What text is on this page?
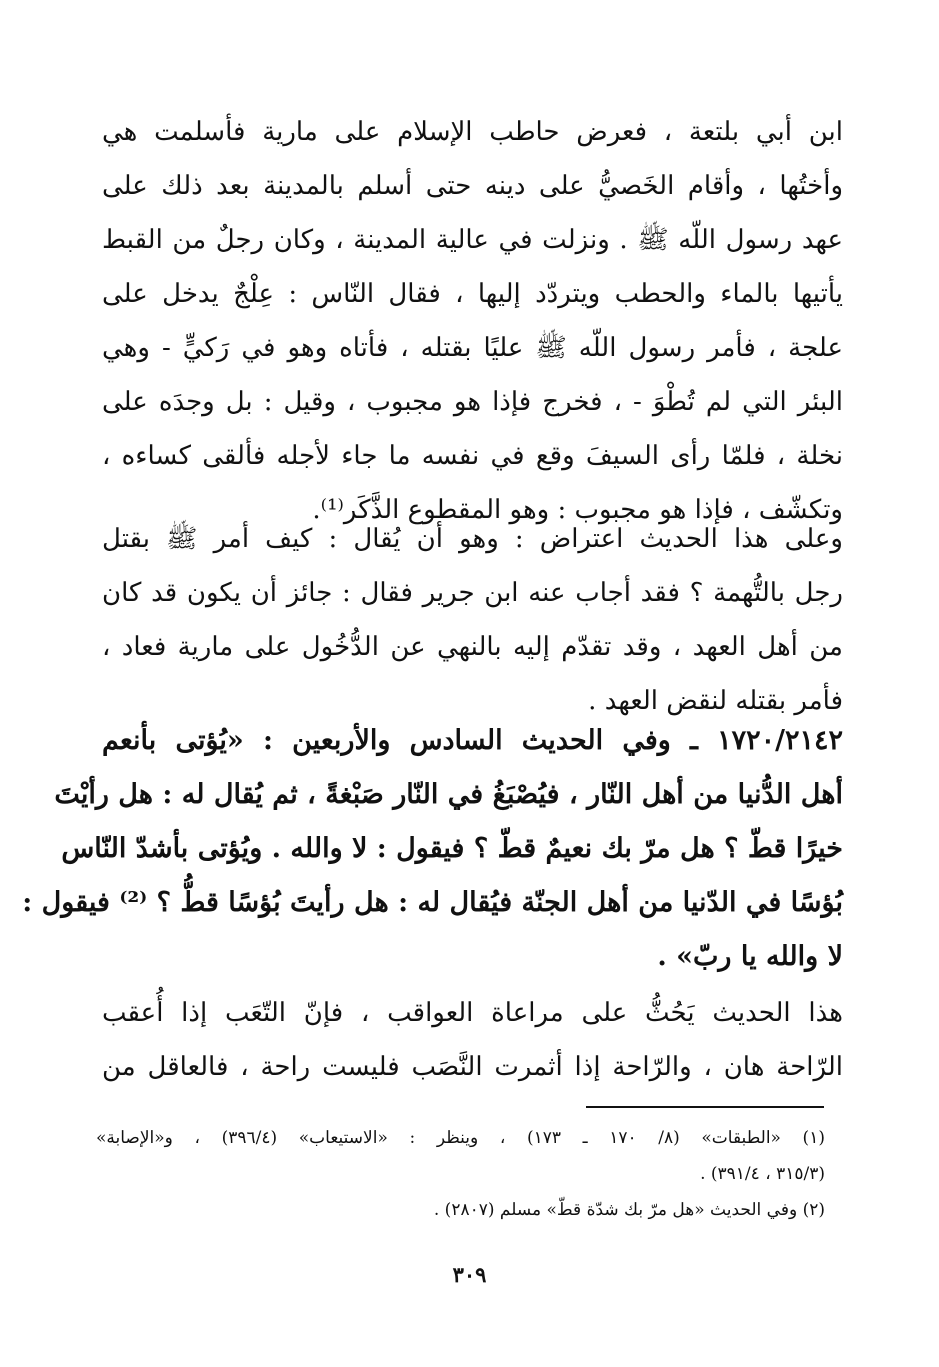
ابن أبي بلتعة ، فعرض حاطب الإسلام على مارية فأسلمت هي
وأختُها ، وأقام الخَصيُّ على دينه حتى أسلم بالمدينة بعد ذلك على
عهد رسول اللّه ﷺ . ونزلت في عالية المدينة ، وكان رجلٌ من القبط
يأتيها بالماء والحطب ويتردّد إليها ، فقال النّاس : عِلْجٌ يدخل على
علجة ، فأمر رسول اللّه ﷺ عليًا بقتله ، فأتاه وهو في رَكيٍّ - وهي
البئر التي لم تُطْوَ - ، فخرج فإذا هو مجبوب ، وقيل : بل وجدَه على
نخلة ، فلمّا رأى السيفَ وقع في نفسه ما جاء لأجله فألقى كساءه ،
وتكشّف ، فإذا هو مجبوب : وهو المقطوع الذَّكَر⁽¹⁾.
وعلى هذا الحديث اعتراض : وهو أن يُقال : كيف أمر ﷺ بقتل
رجل بالتُّهمة ؟ فقد أجاب عنه ابن جرير فقال : جائز أن يكون قد كان
من أهل العهد ، وقد تقدّم إليه بالنهي عن الدُّخُول على مارية فعاد ،
فأمر بقتله لنقض العهد .
١٧٢٠/٢١٤٢ ـ وفي الحديث السادس والأربعين : «يُؤتى بأنعم
أهل الدُّنيا من أهل النّار ، فيُصْبَغُ في النّار صَبْغةً ، ثم يُقال له : هل رأيْتَ
خيرًا قطّ ؟ هل مرّ بك نعيمٌ قطّ ؟ فيقول : لا والله . ويُؤتى بأشدّ النّاس
بُؤسًا في الدّنيا من أهل الجنّة فيُقال له : هل رأيتَ بُؤسًا قطُّ ؟ ⁽²⁾ فيقول :
لا والله يا ربّ» .
هذا الحديث يَحُثُّ على مراعاة العواقب ، فإنّ التّعَب إذا أُعقب
الرّاحة هان ، والرّاحة إذا أثمرت النَّصَب فليست راحة ، فالعاقل من
(١) «الطبقات» (٨/ ١٧٠ ـ ١٧٣) ، وينظر : «الاستيعاب» (٣٩٦/٤) ، و«الإصابة»
(٣١٥/٣ ، ٣٩١/٤) .
(٢) وفي الحديث «هل مرّ بك شدّة قطّ» مسلم (٢٨٠٧) .
٣٠٩
